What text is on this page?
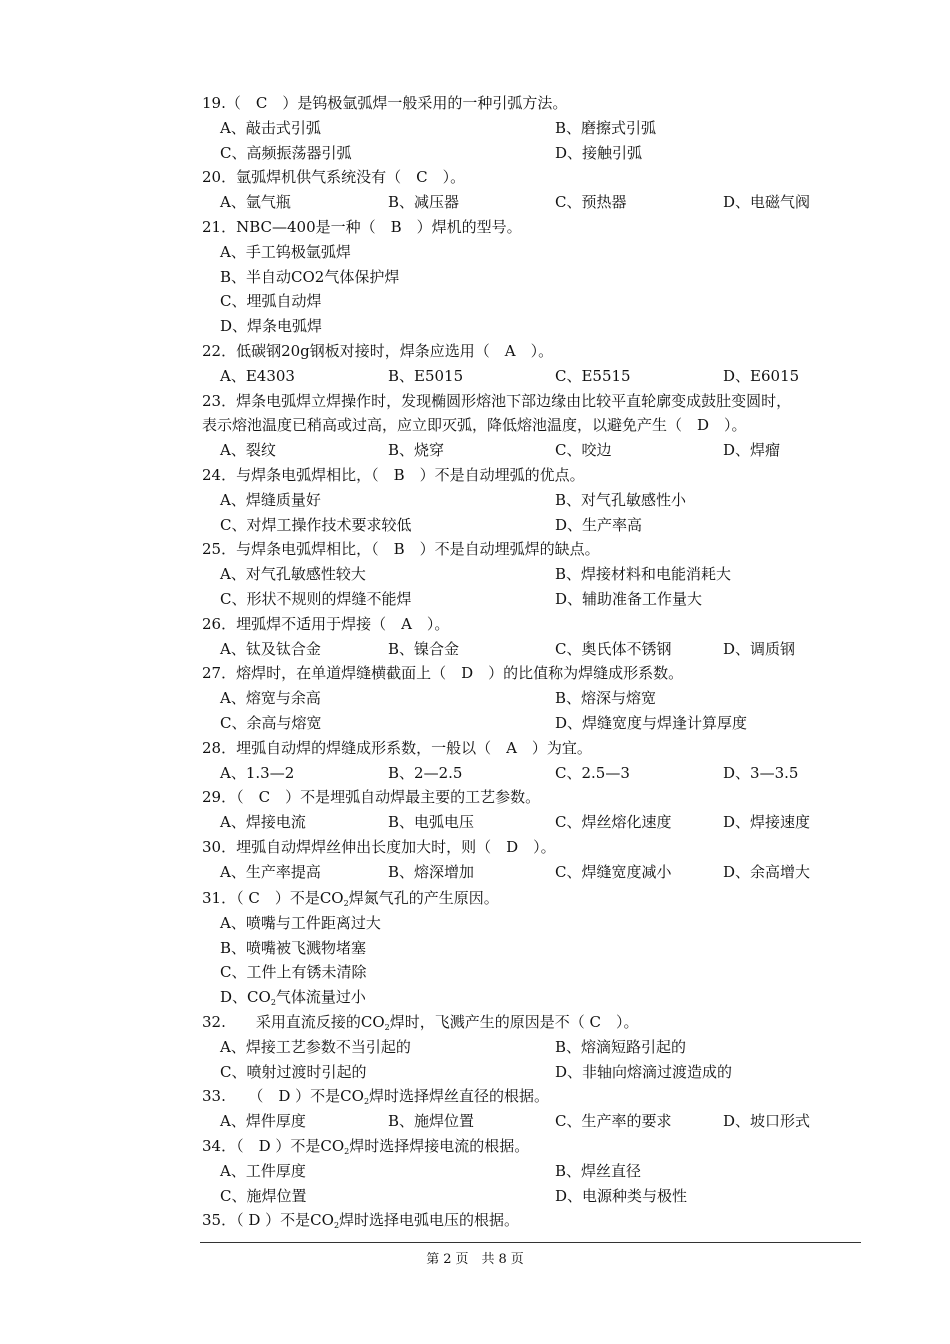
19.（　C　）是钨极氩弧焊一般采用的一种引弧方法。
A、敲击式引弧	B、磨擦式引弧
C、高频振荡器引弧	D、接触引弧
20．氩弧焊机供气系统没有（　C　）。
A、氩气瓶	B、减压器	C、预热器	D、电磁气阀
21．NBC—400是一种（　B　）焊机的型号。
A、手工钨极氩弧焊
B、半自动CO2气体保护焊
C、埋弧自动焊
D、焊条电弧焊
22．低碳钢20g钢板对接时，焊条应选用（　A　）。
A、E4303	B、E5015	C、E5515	D、E6015
23．焊条电弧焊立焊操作时，发现椭圆形熔池下部边缘由比较平直轮廓变成鼓肚变圆时，
表示熔池温度已稍高或过高，应立即灭弧，降低熔池温度，以避免产生（　D　）。
A、裂纹	B、烧穿	C、咬边	D、焊瘤
24．与焊条电弧焊相比，（　B　）不是自动埋弧的优点。
A、焊缝质量好	B、对气孔敏感性小
C、对焊工操作技术要求较低	D、生产率高
25．与焊条电弧焊相比，（　B　）不是自动埋弧焊的缺点。
A、对气孔敏感性较大	B、焊接材料和电能消耗大
C、形状不规则的焊缝不能焊	D、辅助准备工作量大
26．埋弧焊不适用于焊接（　A　）。
A、钛及钛合金	B、镍合金	C、奥氏体不锈钢	D、调质钢
27．熔焊时，在单道焊缝横截面上（　D　）的比值称为焊缝成形系数。
A、熔宽与余高	B、熔深与熔宽
C、余高与熔宽	D、焊缝宽度与焊逢计算厚度
28．埋弧自动焊的焊缝成形系数，一般以（　A　）为宜。
A、1.3—2	B、2—2.5	C、2.5—3	D、3—3.5
29．（　C　）不是埋弧自动焊最主要的工艺参数。
A、焊接电流	B、电弧电压	C、焊丝熔化速度	D、焊接速度
30．埋弧自动焊焊丝伸出长度加大时，则（　D　）。
A、生产率提高	B、熔深增加	C、焊缝宽度减小	D、余高增大
31．（ C　）不是$CO_2$焊氮气孔的产生原因。
A、喷嘴与工件距离过大
B、喷嘴被飞溅物堵塞
C、工件上有锈未清除
D、$CO_2$气体流量过小
32.　　采用直流反接的$CO_2$焊时，飞溅产生的原因是不（ C　）。
A、焊接工艺参数不当引起的	B、熔滴短路引起的
C、喷射过渡时引起的	D、非轴向熔滴过渡造成的
33.　　（　D ）不是$CO_2$焊时选择焊丝直径的根据。
A、焊件厚度	B、施焊位置	C、生产率的要求	D、坡口形式
34．（　D ）不是$CO_2$焊时选择焊接电流的根据。
A、工件厚度	B、焊丝直径
C、施焊位置	D、电源种类与极性
35．（ D ）不是$CO_2$焊时选择电弧电压的根据。
第 2 页　共 8 页
